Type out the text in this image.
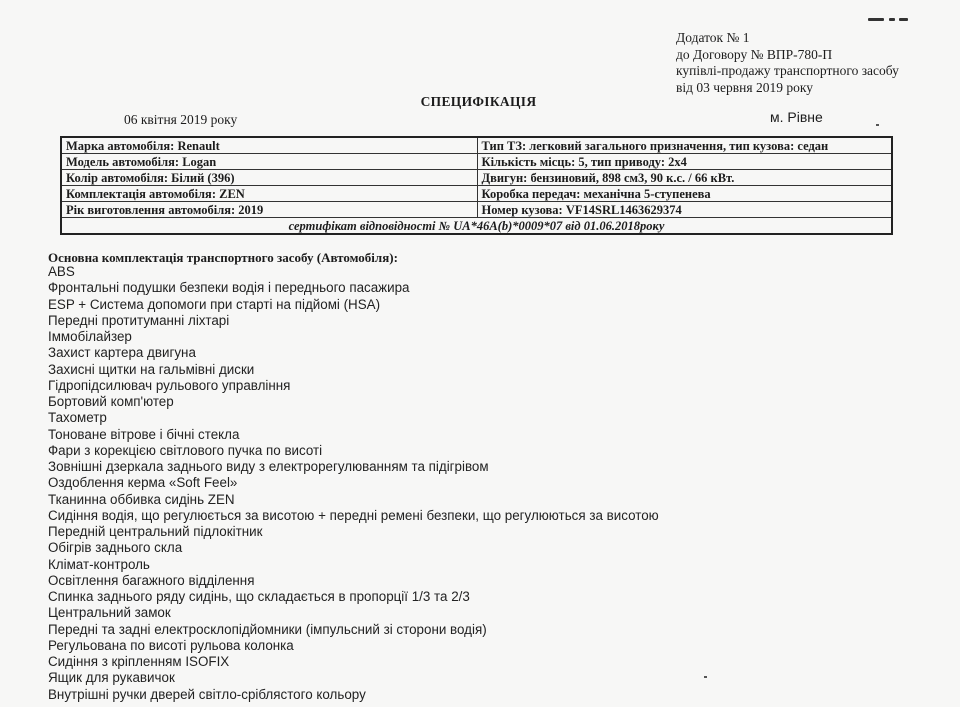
Додаток № 1
до Договору № ВПР-780-П
купівлі-продажу транспортного засобу
від 03 червня 2019 року
СПЕЦИФІКАЦІЯ
06 квітня 2019 року	м. Рівне
Марка автомобіля: Renault	Тип ТЗ: легковий загального призначення, тип кузова: седан
Модель автомобіля: Logan	Кількість місць: 5, тип приводу: 2х4
Колір автомобіля: Білий (396)	Двигун: бензиновий, 898 см3, 90 к.с. / 66 кВт.
Комплектація автомобіля: ZEN	Коробка передач: механічна 5-ступенева
Рік виготовлення автомобіля: 2019	Номер кузова: VF14SRL1463629374
сертифікат відповідності № UA*46A(b)*0009*07 від 01.06.2018року	
Основна комплектація транспортного засобу (Автомобіля):
ABS
Фронтальні подушки безпеки водія і переднього пасажира
ESP + Система допомоги при старті на підйомі (HSA)
Передні протитуманні ліхтарі
Іммобілайзер
Захист картера двигуна
Захисні щитки на гальмівні диски
Гідропідсилювач рульового управління
Бортовий комп'ютер
Тахометр
Тоноване вітрове і бічні стекла
Фари з корекцією світлового пучка по висоті
Зовнішні дзеркала заднього виду з електрорегулюванням та підігрівом
Оздоблення керма «Soft Feel»
Тканинна оббивка сидінь ZEN
Сидіння водія, що регулюється за висотою + передні ремені безпеки, що регулюються за висотою
Передній центральний підлокітник
Обігрів заднього скла
Клімат-контроль
Освітлення багажного відділення
Спинка заднього ряду сидінь, що складається в пропорції 1/3 та 2/3
Центральний замок
Передні та задні електросклопідйомники (імпульсний зі сторони водія)
Регульована по висоті рульова колонка
Сидіння з кріпленням ISOFIX
Ящик для рукавичок
Внутрішні ручки дверей світло-сріблястого кольору
